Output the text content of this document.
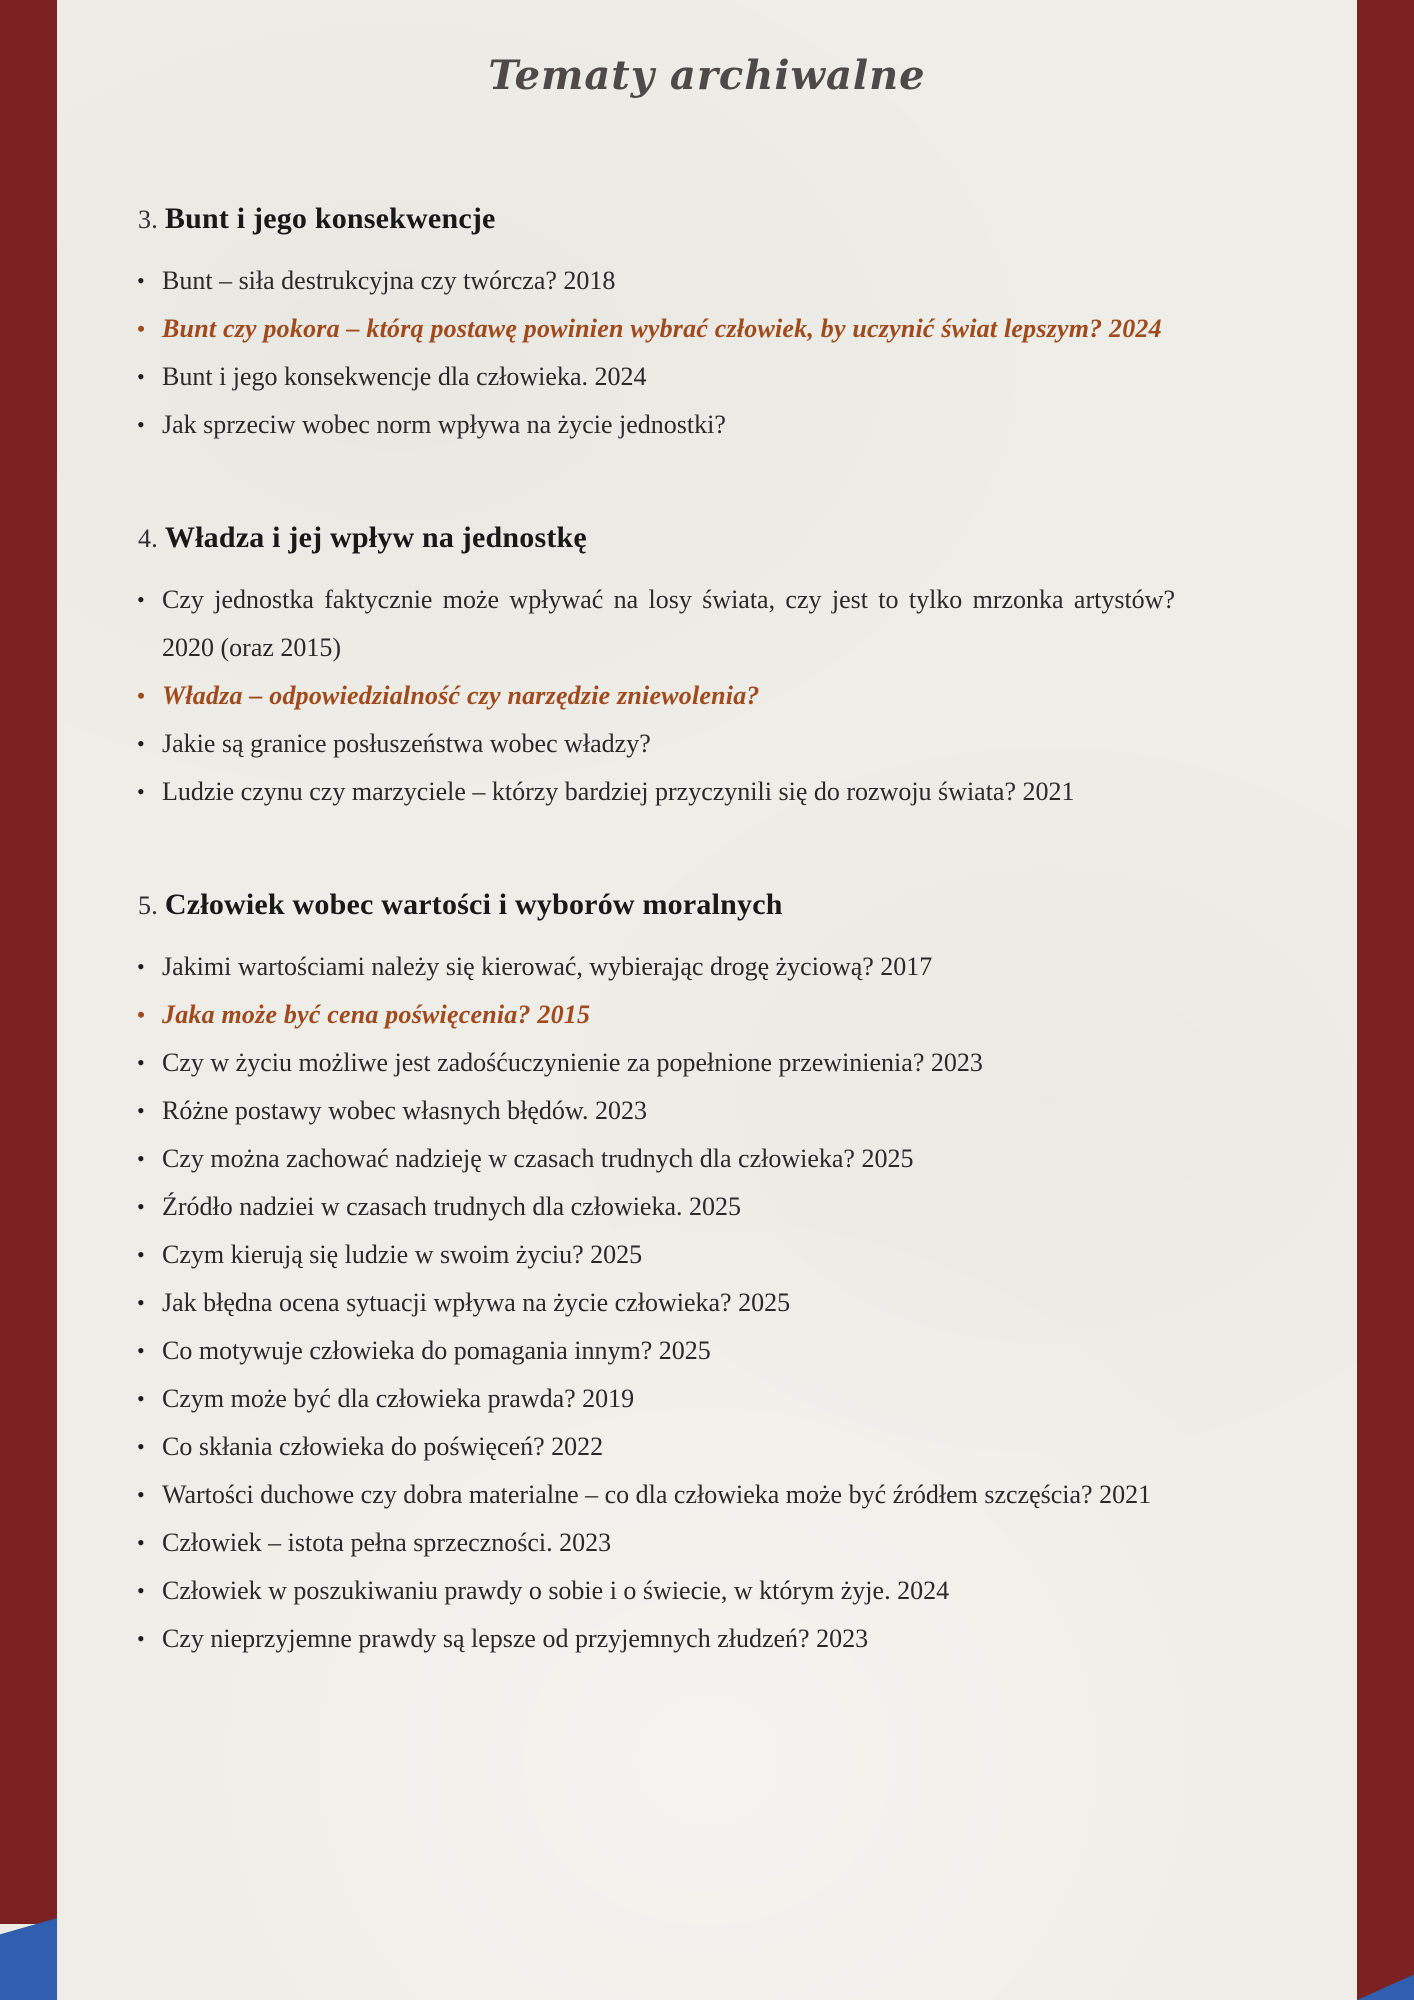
Tematy archiwalne
3. Bunt i jego konsekwencje
• Bunt – siła destrukcyjna czy twórcza? 2018
• Bunt czy pokora – którą postawę powinien wybrać człowiek, by uczynić świat lepszym? 2024
• Bunt i jego konsekwencje dla człowieka. 2024
• Jak sprzeciw wobec norm wpływa na życie jednostki?
4. Władza i jej wpływ na jednostkę
• Czy jednostka faktycznie może wpływać na losy świata, czy jest to tylko mrzonka artystów? 2020 (oraz 2015)
• Władza – odpowiedzialność czy narzędzie zniewolenia?
• Jakie są granice posłuszeństwa wobec władzy?
• Ludzie czynu czy marzyciele – którzy bardziej przyczynili się do rozwoju świata? 2021
5. Człowiek wobec wartości i wyborów moralnych
• Jakimi wartościami należy się kierować, wybierając drogę życiową? 2017
• Jaka może być cena poświęcenia? 2015
• Czy w życiu możliwe jest zadośćuczynienie za popełnione przewinienia? 2023
• Różne postawy wobec własnych błędów. 2023
• Czy można zachować nadzieję w czasach trudnych dla człowieka? 2025
• Źródło nadziei w czasach trudnych dla człowieka. 2025
• Czym kierują się ludzie w swoim życiu? 2025
• Jak błędna ocena sytuacji wpływa na życie człowieka? 2025
• Co motywuje człowieka do pomagania innym? 2025
• Czym może być dla człowieka prawda? 2019
• Co skłania człowieka do poświęceń? 2022
• Wartości duchowe czy dobra materialne – co dla człowieka może być źródłem szczęścia? 2021
• Człowiek – istota pełna sprzeczności. 2023
• Człowiek w poszukiwaniu prawdy o sobie i o świecie, w którym żyje. 2024
• Czy nieprzyjemne prawdy są lepsze od przyjemnych złudzeń? 2023
